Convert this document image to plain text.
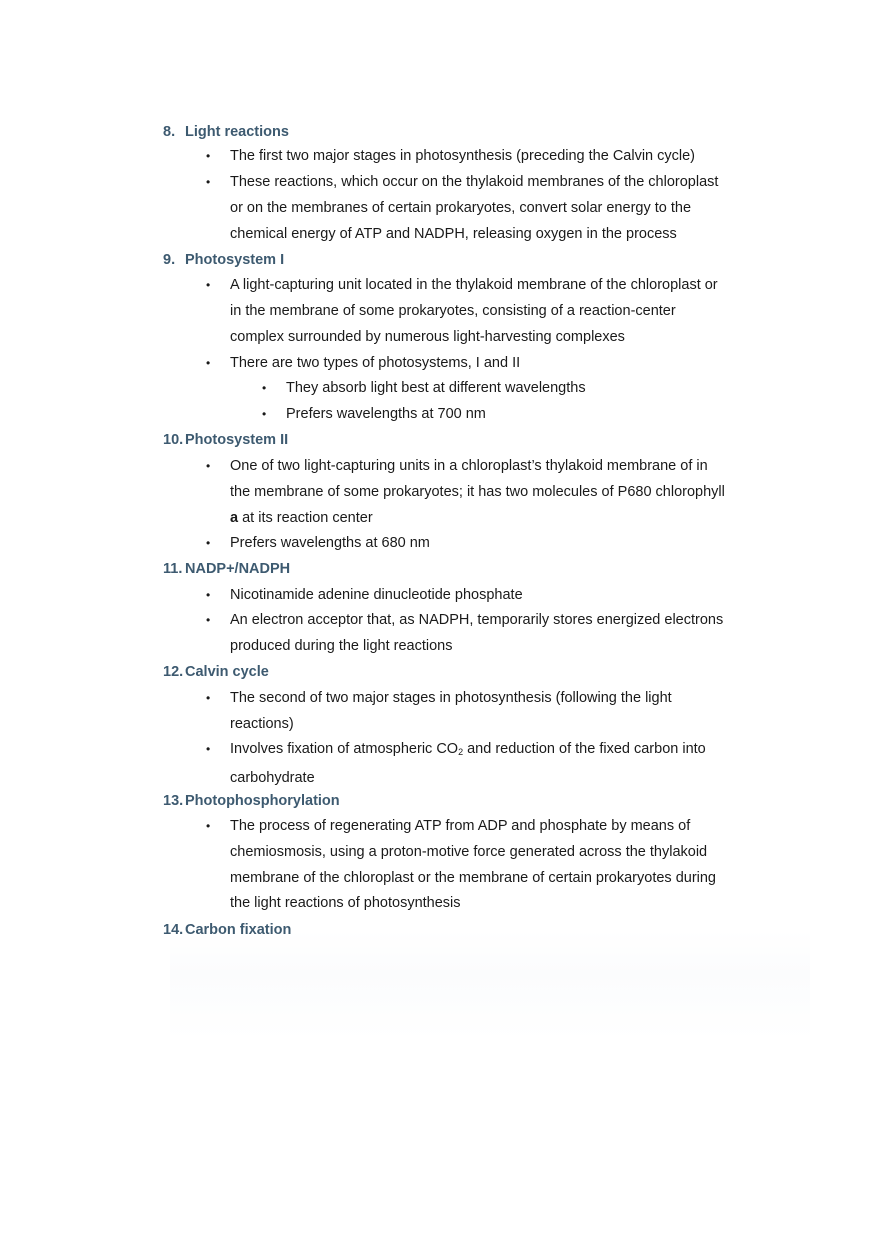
8. Light reactions
• The first two major stages in photosynthesis (preceding the Calvin cycle)
• These reactions, which occur on the thylakoid membranes of the chloroplast
or on the membranes of certain prokaryotes, convert solar energy to the
chemical energy of ATP and NADPH, releasing oxygen in the process
9. Photosystem I
• A light-capturing unit located in the thylakoid membrane of the chloroplast or
in the membrane of some prokaryotes, consisting of a reaction-center
complex surrounded by numerous light-harvesting complexes
• There are two types of photosystems, I and II
• They absorb light best at different wavelengths
• Prefers wavelengths at 700 nm
10. Photosystem II
• One of two light-capturing units in a chloroplast’s thylakoid membrane of in
the membrane of some prokaryotes; it has two molecules of P680 chlorophyll
a at its reaction center
• Prefers wavelengths at 680 nm
11. NADP+/NADPH
• Nicotinamide adenine dinucleotide phosphate
• An electron acceptor that, as NADPH, temporarily stores energized electrons
produced during the light reactions
12. Calvin cycle
• The second of two major stages in photosynthesis (following the light
reactions)
• Involves fixation of atmospheric $CO_2$ and reduction of the fixed carbon into
carbohydrate
13. Photophosphorylation
• The process of regenerating ATP from ADP and phosphate by means of
chemiosmosis, using a proton-motive force generated across the thylakoid
membrane of the chloroplast or the membrane of certain prokaryotes during
the light reactions of photosynthesis
14. Carbon fixation
